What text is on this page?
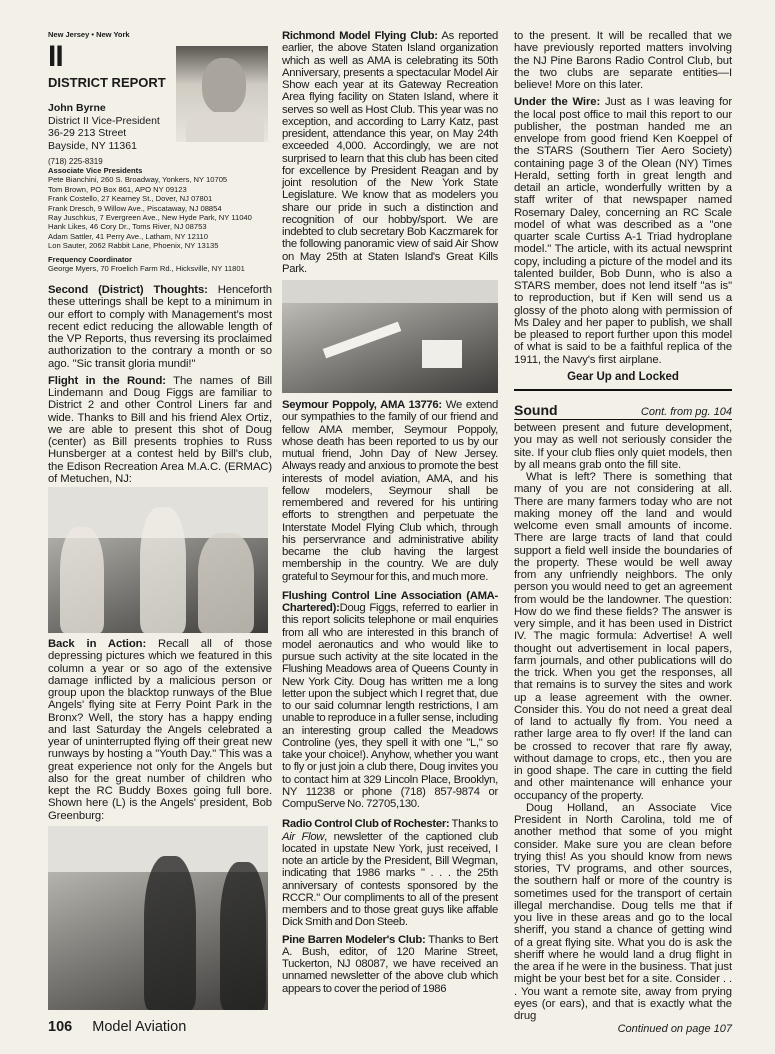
New Jersey • New York
II
DISTRICT REPORT
John Byrne
District II Vice-President
36-29 213 Street
Bayside, NY 11361
(718) 225-8319
Associate Vice Presidents
Pete Bianchini, 260 S. Broadway, Yonkers, NY 10705
Tom Brown, PO Box 861, APO NY 09123
Frank Costello, 27 Kearney St., Dover, NJ 07801
Frank Dresch, 9 Willow Ave., Piscataway, NJ 08854
Ray Juschkus, 7 Evergreen Ave., New Hyde Park, NY 11040
Hank Likes, 46 Cory Dr., Toms River, NJ 08753
Adam Sattler, 41 Perry Ave., Latham, NY 12110
Lon Sauter, 2062 Rabbit Lane, Phoenix, NY 13135
Frequency Coordinator
George Myers, 70 Froelich Farm Rd., Hicksville, NY 11801

Second (District) Thoughts: Henceforth these utterings shall be kept to a minimum in our effort to comply with Management's most recent edict reducing the allowable length of the VP Reports, thus reversing its proclaimed authorization to the contrary a month or so ago. "Sic transit gloria mundi!"

Flight in the Round: The names of Bill Lindemann and Doug Figgs are familiar to District 2 and other Control Liners far and wide. Thanks to Bill and his friend Alex Ortiz, we are able to present this shot of Doug (center) as Bill presents trophies to Russ Hunsberger at a contest held by Bill's club, the Edison Recreation Area M.A.C. (ERMAC) of Metuchen, NJ:

Back in Action: Recall all of those depressing pictures which we featured in this column a year or so ago of the extensive damage inflicted by a malicious person or group upon the blacktop runways of the Blue Angels' flying site at Ferry Point Park in the Bronx? Well, the story has a happy ending and last Saturday the Angels celebrated a year of uninterrupted flying off their great new runways by hosting a "Youth Day." This was a great experience not only for the Angels but also for the great number of children who kept the RC Buddy Boxes going full bore. Shown here (L) is the Angels' president, Bob Greenburg:

Richmond Model Flying Club: As reported earlier, the above Staten Island organization which as well as AMA is celebrating its 50th Anniversary, presents a spectacular Model Air Show each year at its Gateway Recreation Area flying facility on Staten Island, where it serves so well as Host Club. This year was no exception, and according to Larry Katz, past president, attendance this year, on May 24th exceeded 4,000. Accordingly, we are not surprised to learn that this club has been cited for excellence by President Reagan and by joint resolution of the New York State Legislature. We know that as modelers you share our pride in such a distinction and recognition of our hobby/sport. We are indebted to club secretary Bob Kaczmarek for the following panoramic view of said Air Show on May 25th at Staten Island's Great Kills Park.

Seymour Poppoly, AMA 13776: We extend our sympathies to the family of our friend and fellow AMA member, Seymour Poppoly, whose death has been reported to us by our mutual friend, John Day of New Jersey. Always ready and anxious to promote the best interests of model aviation, AMA, and his fellow modelers, Seymour shall be remembered and revered for his untiring efforts to strengthen and perpetuate the Interstate Model Flying Club which, through his perservrance and administrative ability became the club having the largest membership in the country. We are duly grateful to Seymour for this, and much more.

Flushing Control Line Association (AMA-Chartered):Doug Figgs, referred to earlier in this report solicits telephone or mail enquiries from all who are interested in this branch of model aeronautics and who would like to pursue such activity at the site located in the Flushing Meadows area of Queens County in New York City. Doug has written me a long letter upon the subject which I regret that, due to our said columnar length restrictions, I am unable to reproduce in a fuller sense, including an interesting group called the Meadows Controline (yes, they spell it with one "L," so take your choice!). Anyhow, whether you want to fly or just join a club there, Doug invites you to contact him at 329 Lincoln Place, Brooklyn, NY 11238 or phone (718) 857-9874 or CompuServe No. 72705,130.

Radio Control Club of Rochester: Thanks to Air Flow, newsletter of the captioned club located in upstate New York, just received, I note an article by the President, Bill Wegman, indicating that 1986 marks " . . . the 25th anniversary of contests sponsored by the RCCR." Our compliments to all of the present members and to those great guys like affable Dick Smith and Don Steeb.

Pine Barren Modeler's Club: Thanks to Bert A. Bush, editor, of 120 Marine Street, Tuckerton, NJ 08087, we have received an unnamed newsletter of the above club which appears to cover the period of 1986

to the present. It will be recalled that we have previously reported matters involving the NJ Pine Barons Radio Control Club, but the two clubs are separate entities—I believe! More on this later.

Under the Wire: Just as I was leaving for the local post office to mail this report to our publisher, the postman handed me an envelope from good friend Ken Koeppel of the STARS (Southern Tier Aero Society) containing page 3 of the Olean (NY) Times Herald, setting forth in great length and detail an article, wonderfully written by a staff writer of that newspaper named Rosemary Daley, concerning an RC Scale model of what was described as a "one quarter scale Curtiss A-1 Triad hydroplane model." The article, with its actual newsprint copy, including a picture of the model and its talented builder, Bob Dunn, who is also a STARS member, does not lend itself "as is" to reproduction, but if Ken will send us a glossy of the photo along with permission of Ms Daley and her paper to publish, we shall be pleased to report further upon this model of what is said to be a faithful replica of the 1911, the Navy's first airplane.

Gear Up and Locked
Sound	Cont. from pg. 104

between present and future development, you may as well not seriously consider the site. If your club flies only quiet models, then by all means grab onto the fill site.

What is left? There is something that many of you are not considering at all. There are many farmers today who are not making money off the land and would welcome even small amounts of income. There are large tracts of land that could support a field well inside the boundaries of the property. These would be well away from any unfriendly neighbors. The only person you would need to get an agreement from would be the landowner. The question: How do we find these fields? The answer is very simple, and it has been used in District IV. The magic formula: Advertise! A well thought out advertisement in local papers, farm journals, and other publications will do the trick. When you get the responses, all that remains is to survey the sites and work up a lease agreement with the owner. Consider this. You do not need a great deal of land to actually fly from. You need a rather large area to fly over! If the land can be crossed to recover that rare fly away, without damage to crops, etc., then you are in good shape. The care in cutting the field and other maintenance will enhance your occupancy of the property.

Doug Holland, an Associate Vice President in North Carolina, told me of another method that some of you might consider. Make sure you are clean before trying this! As you should know from news stories, TV programs, and other sources, the southern half or more of the country is sometimes used for the transport of certain illegal merchandise. Doug tells me that if you live in these areas and go to the local sheriff, you stand a chance of getting wind of a great flying site. What you do is ask the sheriff where he would land a drug flight in the area if he were in the business. That just might be your best bet for a site. Consider . . . You want a remote site, away from prying eyes (or ears), and that is exactly what the drug

Continued on page 107
106 Model Aviation
